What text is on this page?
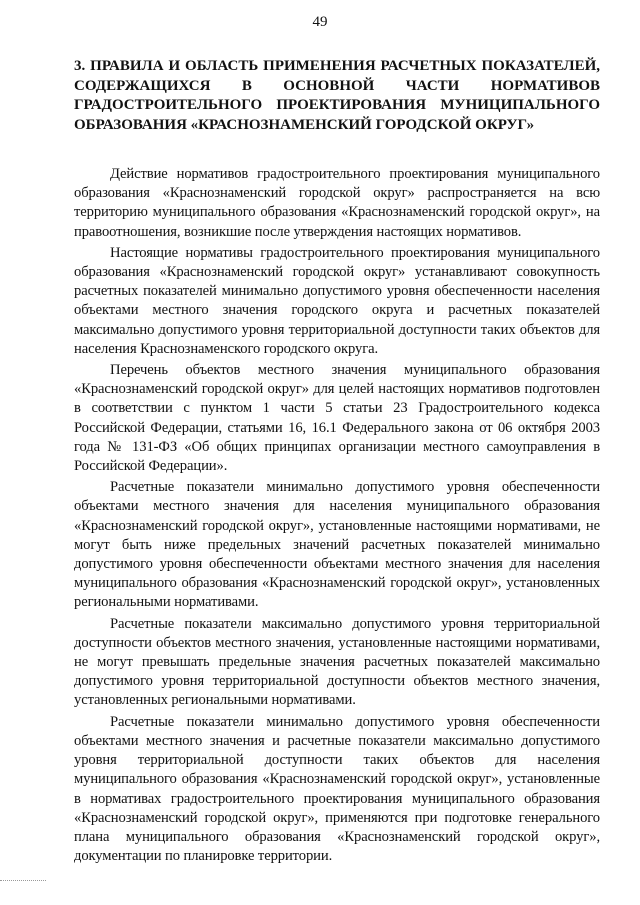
49
3. ПРАВИЛА И ОБЛАСТЬ ПРИМЕНЕНИЯ РАСЧЕТНЫХ ПОКАЗАТЕЛЕЙ, СОДЕРЖАЩИХСЯ В ОСНОВНОЙ ЧАСТИ НОРМАТИВОВ ГРАДОСТРОИТЕЛЬНОГО ПРОЕКТИРОВАНИЯ МУНИЦИПАЛЬНОГО ОБРАЗОВАНИЯ «КРАСНОЗНАМЕНСКИЙ ГОРОДСКОЙ ОКРУГ»

Действие нормативов градостроительного проектирования муниципального образования «Краснознаменский городской округ» распространяется на всю территорию муниципального образования «Краснознаменский городской округ», на правоотношения, возникшие после утверждения настоящих нормативов.

Настоящие нормативы градостроительного проектирования муниципального образования «Краснознаменский городской округ» устанавливают совокупность расчетных показателей минимально допустимого уровня обеспеченности населения объектами местного значения городского округа и расчетных показателей максимально допустимого уровня территориальной доступности таких объектов для населения Краснознаменского городского округа.

Перечень объектов местного значения муниципального образования «Краснознаменский городской округ» для целей настоящих нормативов подготовлен в соответствии с пунктом 1 части 5 статьи 23 Градостроительного кодекса Российской Федерации, статьями 16, 16.1 Федерального закона от 06 октября 2003 года № 131-ФЗ «Об общих принципах организации местного самоуправления в Российской Федерации».

Расчетные показатели минимально допустимого уровня обеспеченности объектами местного значения для населения муниципального образования «Краснознаменский городской округ», установленные настоящими нормативами, не могут быть ниже предельных значений расчетных показателей минимально допустимого уровня обеспеченности объектами местного значения для населения муниципального образования «Краснознаменский городской округ», установленных региональными нормативами.

Расчетные показатели максимально допустимого уровня территориальной доступности объектов местного значения, установленные настоящими нормативами, не могут превышать предельные значения расчетных показателей максимально допустимого уровня территориальной доступности объектов местного значения, установленных региональными нормативами.

Расчетные показатели минимально допустимого уровня обеспеченности объектами местного значения и расчетные показатели максимально допустимого уровня территориальной доступности таких объектов для населения муниципального образования «Краснознаменский городской округ», установленные в нормативах градостроительного проектирования муниципального образования «Краснознаменский городской округ», применяются при подготовке генерального плана муниципального образования «Краснознаменский городской округ», документации по планировке территории.
